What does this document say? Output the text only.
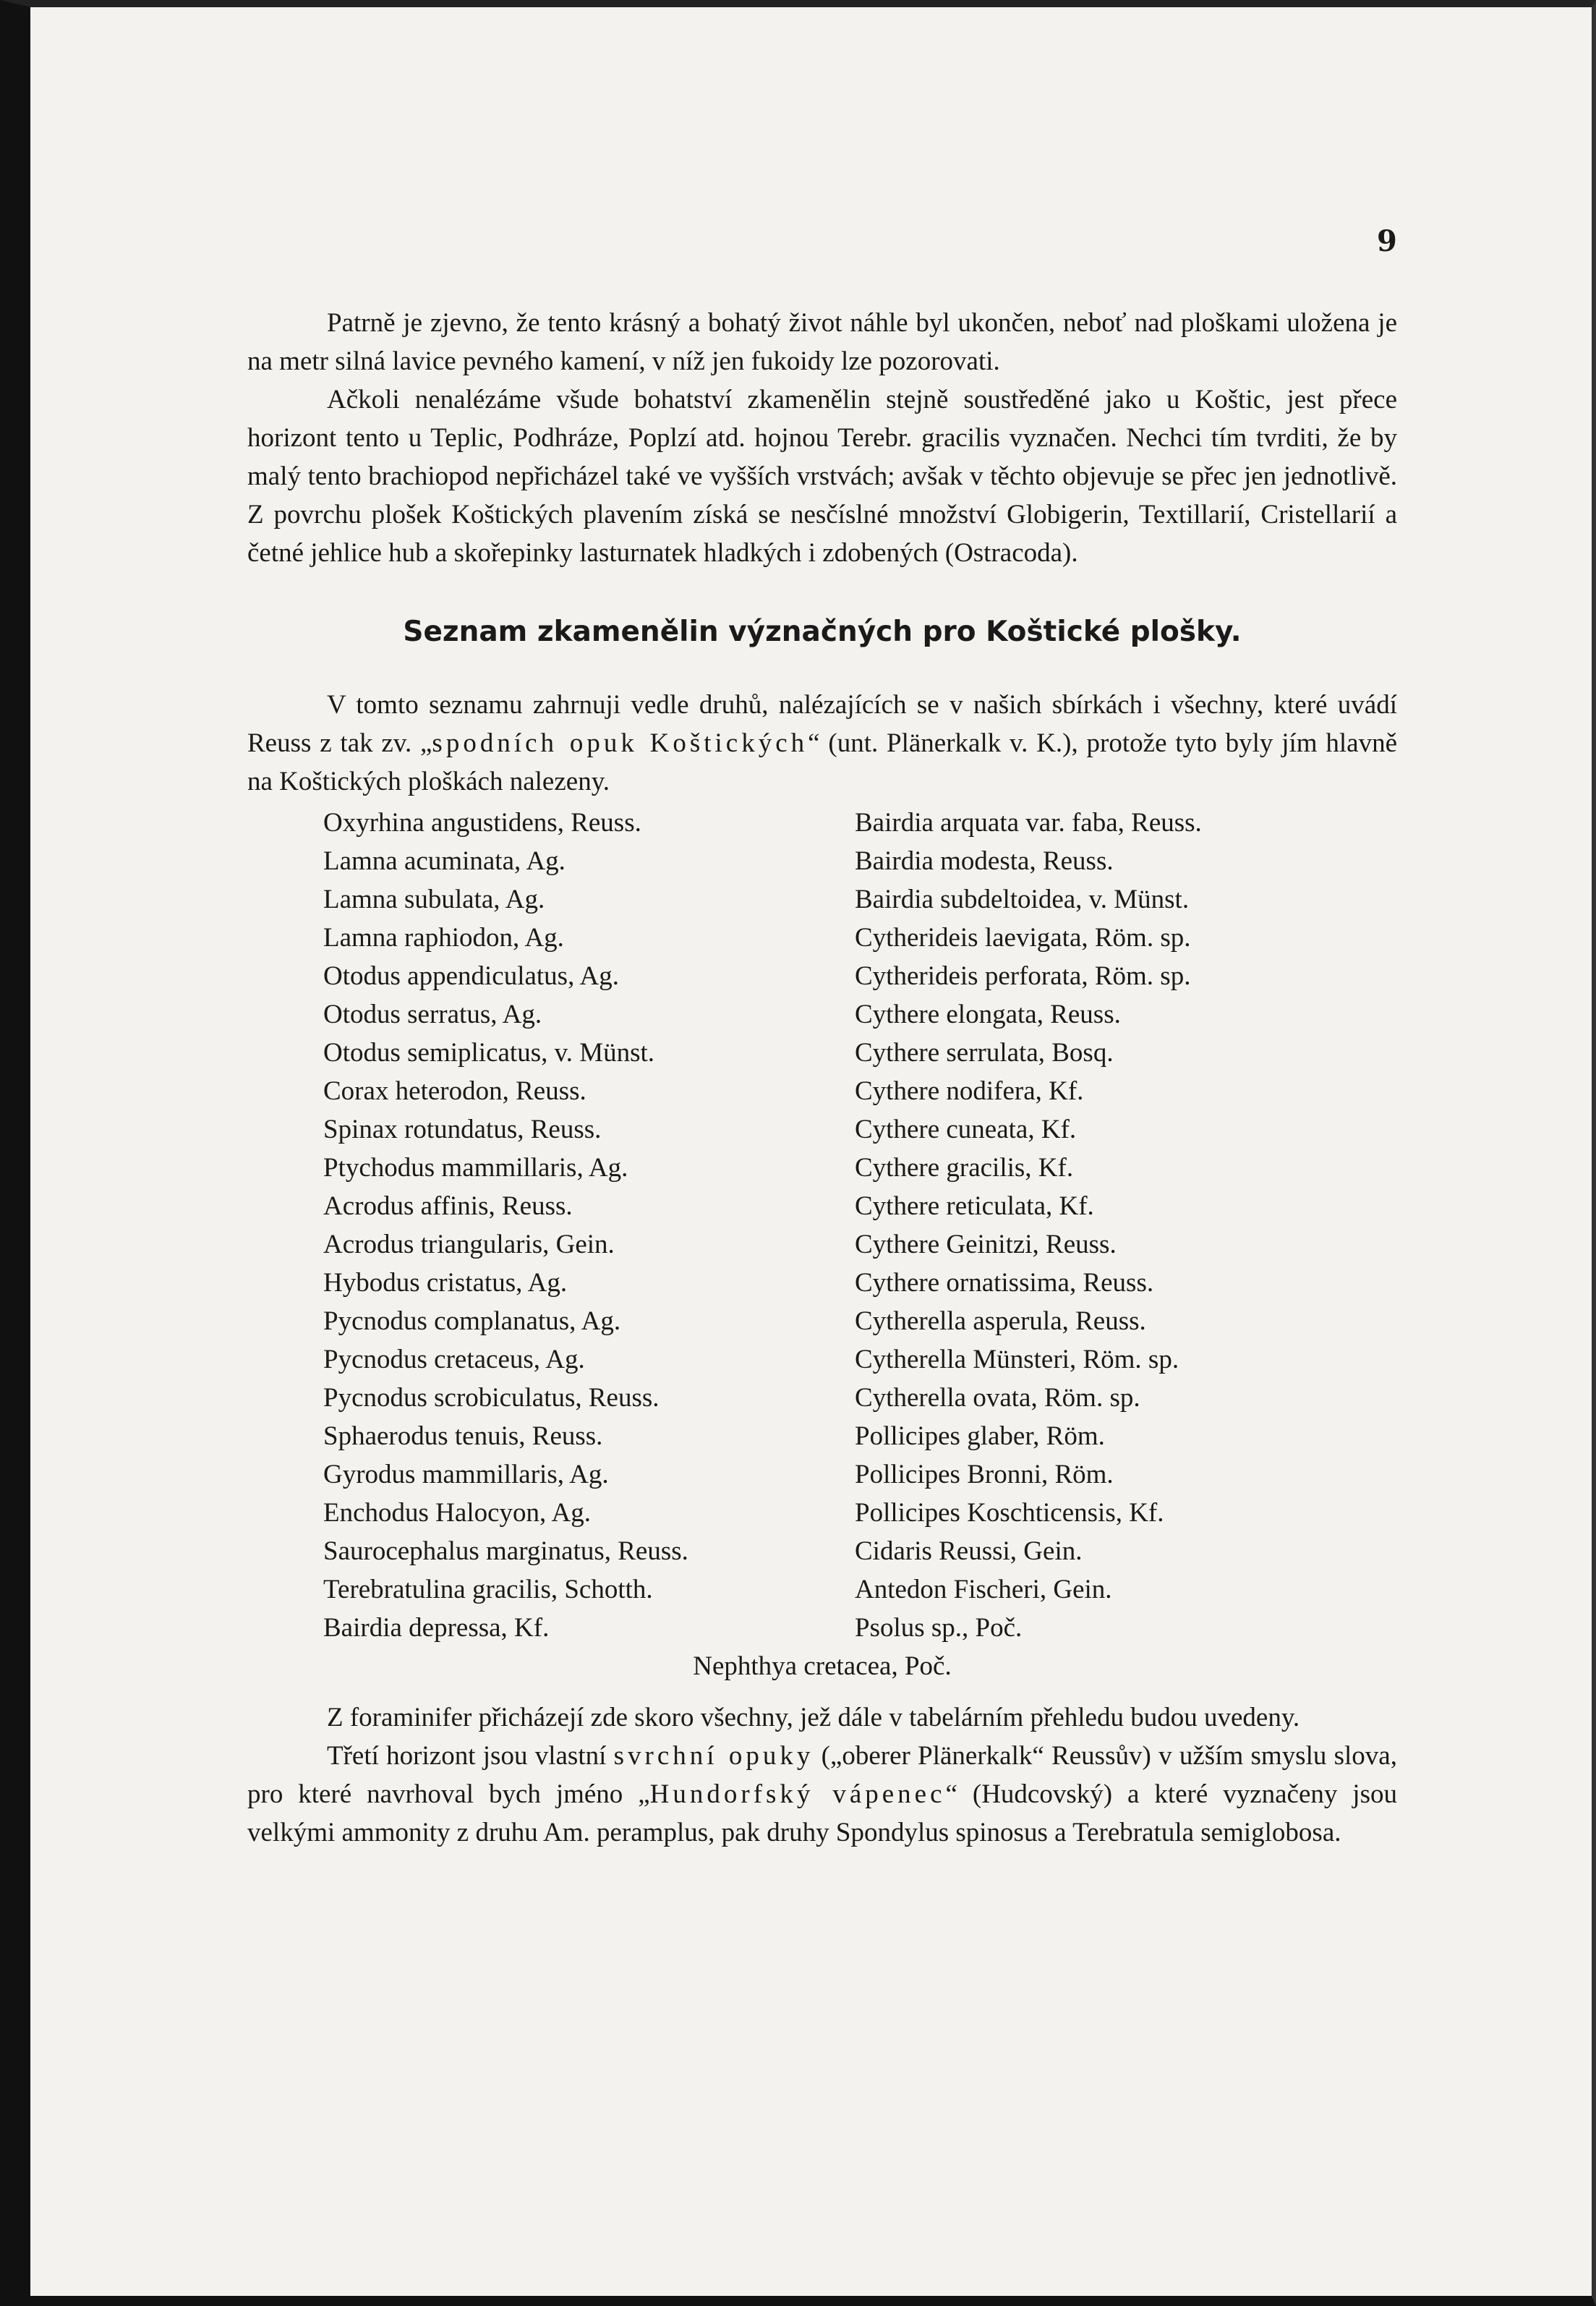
9

Patrně je zjevno, že tento krásný a bohatý život náhle byl ukončen, neboť nad ploškami uložena je na metr silná lavice pevného kamení, v níž jen fukoidy lze pozorovati.

Ačkoli nenalézáme všude bohatství zkamenělin stejně soustředěné jako u Koštic, jest přece horizont tento u Teplic, Podhráze, Poplzí atd. hojnou Terebr. gracilis vyznačen. Nechci tím tvrditi, že by malý tento brachiopod nepřicházel také ve vyšších vrstvách; avšak v těchto objevuje se přec jen jednotlivě. Z povrchu plošek Koštických plavením získá se nesčíslné množství Globigerin, Textillarií, Cristellarií a četné jehlice hub a skořepinky lasturnatek hladkých i zdobených (Ostracoda).

Seznam zkamenělin význačných pro Koštické plošky.

V tomto seznamu zahrnuji vedle druhů, nalézajících se v našich sbírkách i všechny, které uvádí Reuss z tak zv. „spodních opuk Koštických“ (unt. Plänerkalk v. K.), protože tyto byly jím hlavně na Koštických ploškách nalezeny.

Oxyrhina angustidens, Reuss.	Bairdia arquata var. faba, Reuss.
Lamna acuminata, Ag.	Bairdia modesta, Reuss.
Lamna subulata, Ag.	Bairdia subdeltoidea, v. Münst.
Lamna raphiodon, Ag.	Cytherideis laevigata, Röm. sp.
Otodus appendiculatus, Ag.	Cytherideis perforata, Röm. sp.
Otodus serratus, Ag.	Cythere elongata, Reuss.
Otodus semiplicatus, v. Münst.	Cythere serrulata, Bosq.
Corax heterodon, Reuss.	Cythere nodifera, Kf.
Spinax rotundatus, Reuss.	Cythere cuneata, Kf.
Ptychodus mammillaris, Ag.	Cythere gracilis, Kf.
Acrodus affinis, Reuss.	Cythere reticulata, Kf.
Acrodus triangularis, Gein.	Cythere Geinitzi, Reuss.
Hybodus cristatus, Ag.	Cythere ornatissima, Reuss.
Pycnodus complanatus, Ag.	Cytherella asperula, Reuss.
Pycnodus cretaceus, Ag.	Cytherella Münsteri, Röm. sp.
Pycnodus scrobiculatus, Reuss.	Cytherella ovata, Röm. sp.
Sphaerodus tenuis, Reuss.	Pollicipes glaber, Röm.
Gyrodus mammillaris, Ag.	Pollicipes Bronni, Röm.
Enchodus Halocyon, Ag.	Pollicipes Koschticensis, Kf.
Saurocephalus marginatus, Reuss.	Cidaris Reussi, Gein.
Terebratulina gracilis, Schotth.	Antedon Fischeri, Gein.
Bairdia depressa, Kf.	Psolus sp., Poč.
Nephthya cretacea, Poč.

Z foraminifer přicházejí zde skoro všechny, jež dále v tabelárním přehledu budou uvedeny.

Třetí horizont jsou vlastní svrchní opuky („oberer Plänerkalk“ Reussův) v užším smyslu slova, pro které navrhoval bych jméno „Hundorfský vápenec“ (Hudcovský) a které vyznačeny jsou velkými ammonity z druhu Am. peramplus, pak druhy Spondylus spinosus a Terebratula semiglobosa.
